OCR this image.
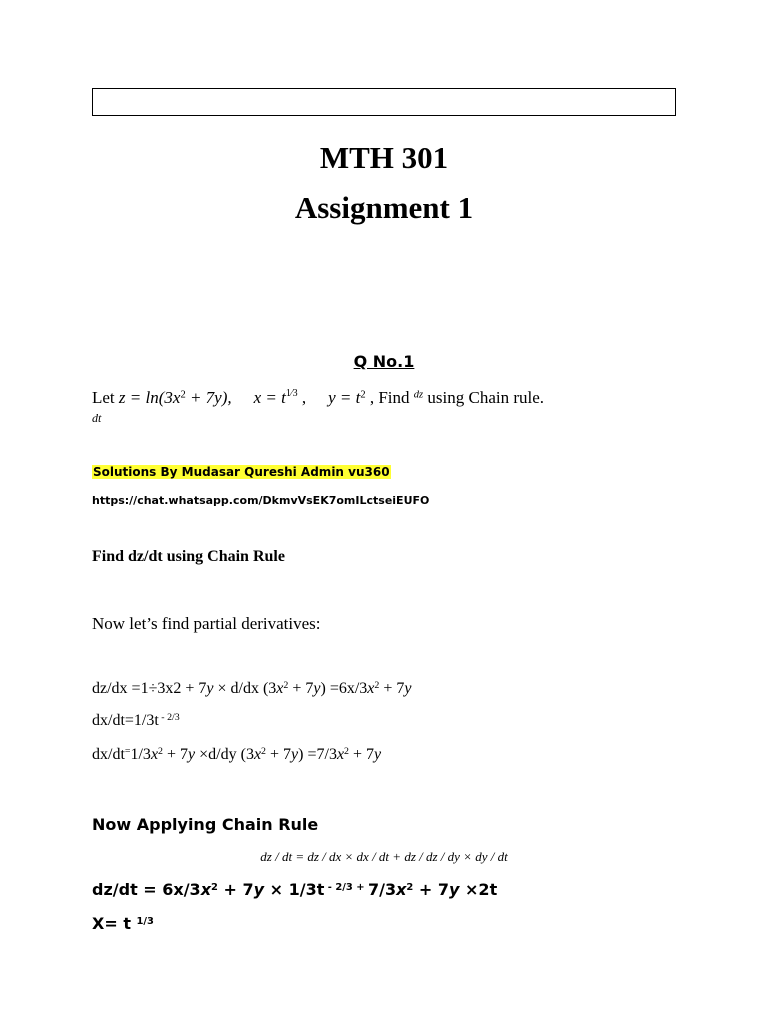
MTH 301
Assignment 1
Q No.1
Let $z = \ln(3x^2 + 7y)$, $x = t^{1⁄3}$ , $y = t^2$ , Find $^{dz}$ using Chain rule.
dt
Solutions By Mudasar Qureshi Admin vu360
https://chat.whatsapp.com/DkmvVsEK7omILctseiEUFO
Find dz/dt using Chain Rule
Now let’s find partial derivatives:
dz/dx =1÷3x2 + 7y × d/dx $(3x^2 + 7y) =6x/3x^2 + 7y$
dx/dt=1/3t $^{- 2/3}$
$dx/dt^=1/3x^2 + 7y \times d/dy$ $(3x^2 + 7y) =7/3x^2 + 7y$
Now Applying Chain Rule
dz / dt = dz / dx × dx / dt + dz / dz / dy × dy / dt
$dz/dt = 6x/3x^2 + 7y \times 1/3t$ $^{- 2/3 +}$ $7/3x^2 + 7y \times 2t$
X= t $^{1/3}$
